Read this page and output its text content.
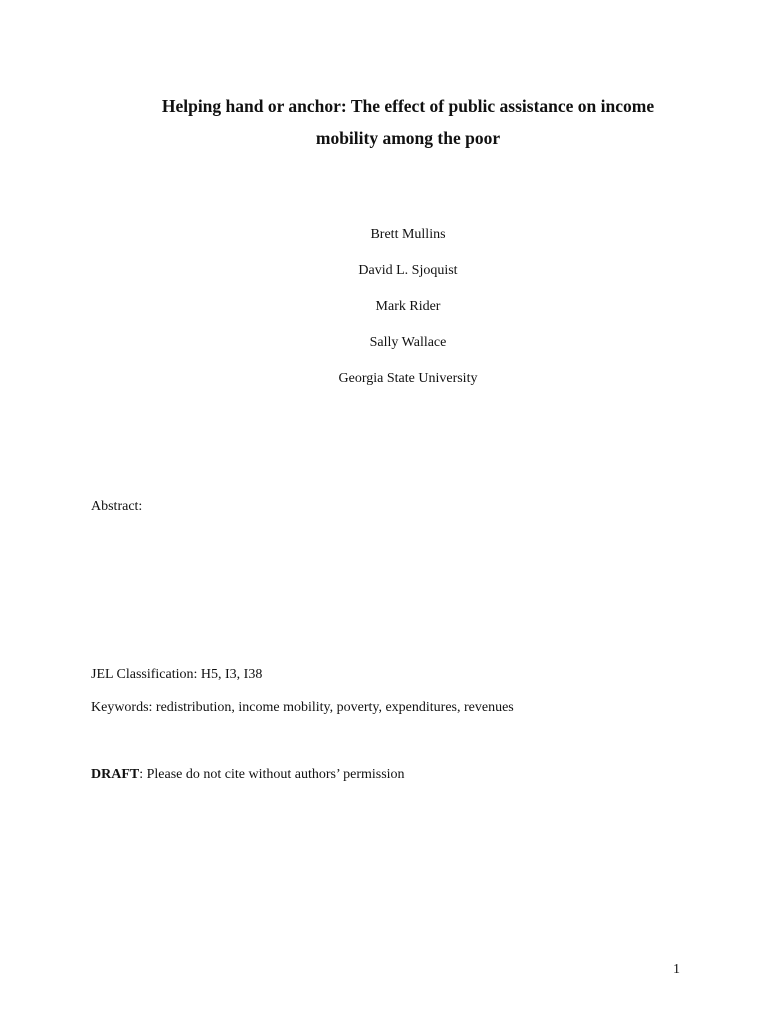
Helping hand or anchor: The effect of public assistance on income
mobility among the poor
Brett Mullins
David L. Sjoquist
Mark Rider
Sally Wallace
Georgia State University
Abstract:
JEL Classification: H5, I3, I38
Keywords: redistribution, income mobility, poverty, expenditures, revenues
DRAFT: Please do not cite without authors’ permission
1
